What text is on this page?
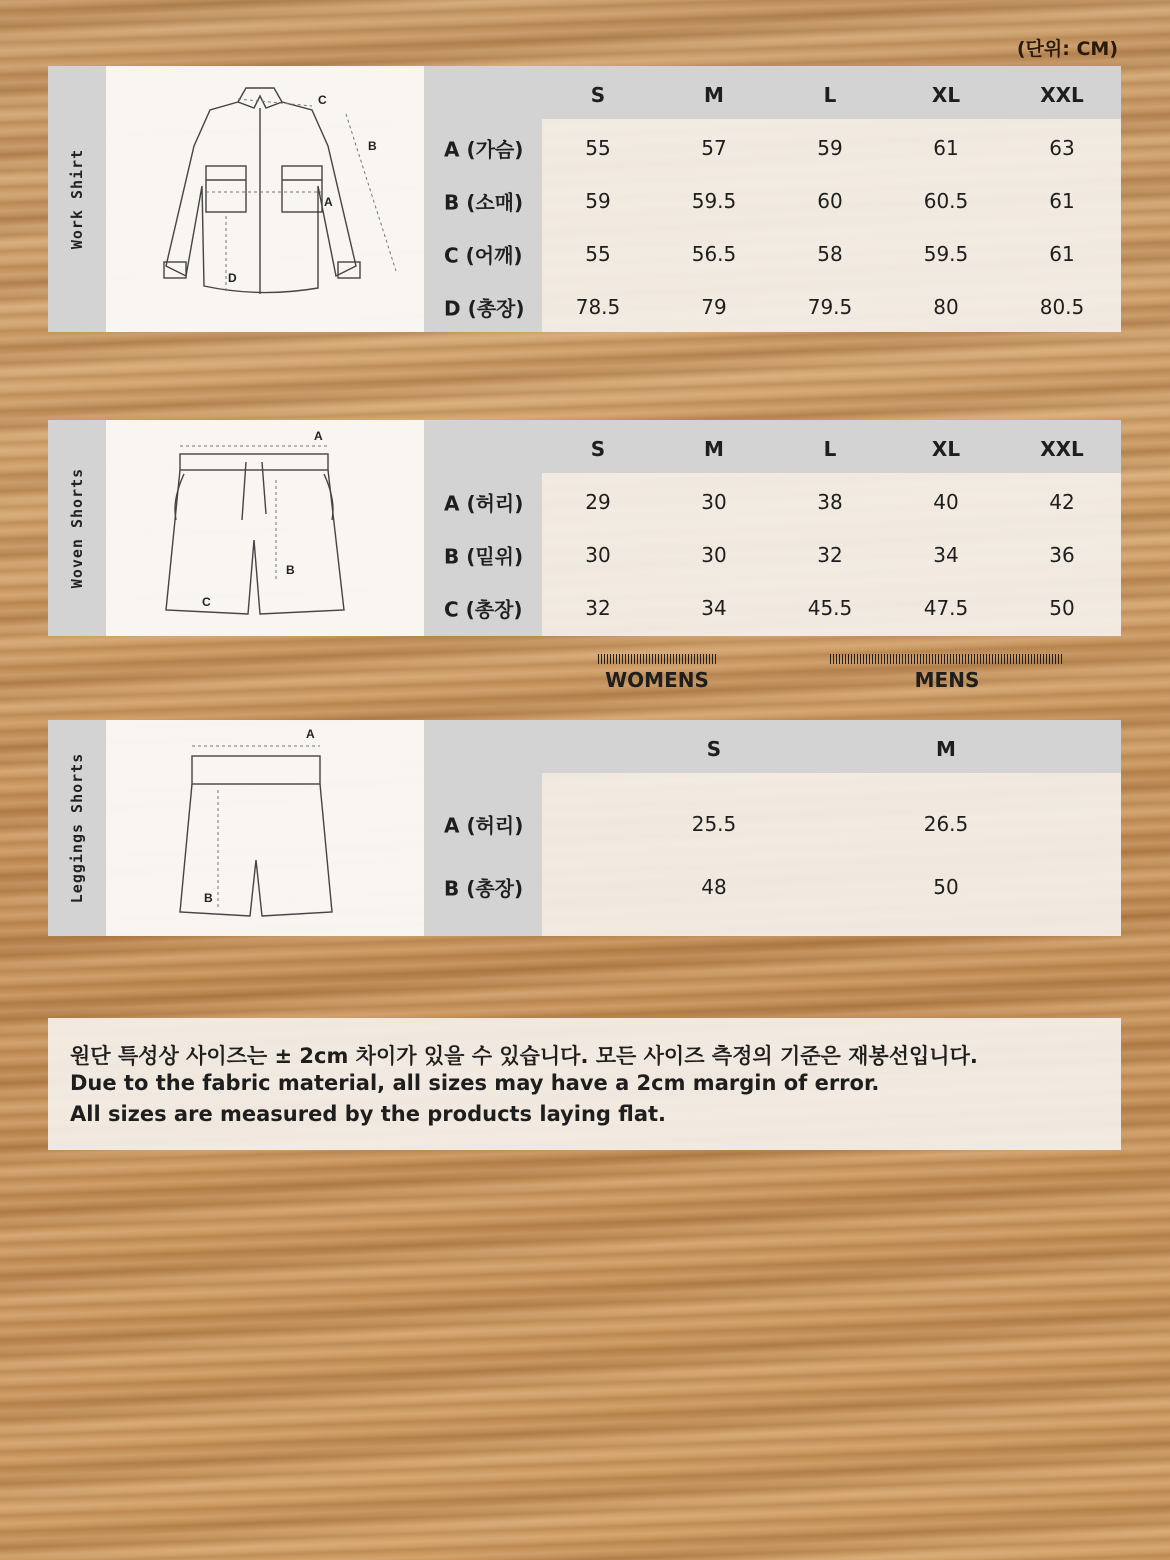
(단위: CM)
Work Shirt
C
B
A
D
S	M	L	XL	XXL
A (가슴)	55	57	59	61	63
B (소매)	59	59.5	60	60.5	61
C (어깨)	55	56.5	58	59.5	61
D (총장)	78.5	79	79.5	80	80.5
Woven Shorts
A
B
C
S	M	L	XL	XXL
A (허리)	29	30	38	40	42
B (밑위)	30	30	32	34	36
C (총장)	32	34	45.5	47.5	50
WOMENS	MENS
Leggings Shorts
A
B
S	M
A (허리)	25.5	26.5
B (총장)	48	50

원단 특성상 사이즈는 ± 2cm 차이가 있을 수 있습니다. 모든 사이즈 측정의 기준은 재봉선입니다.

Due to the fabric material, all sizes may have a 2cm margin of error.

All sizes are measured by the products laying flat.
